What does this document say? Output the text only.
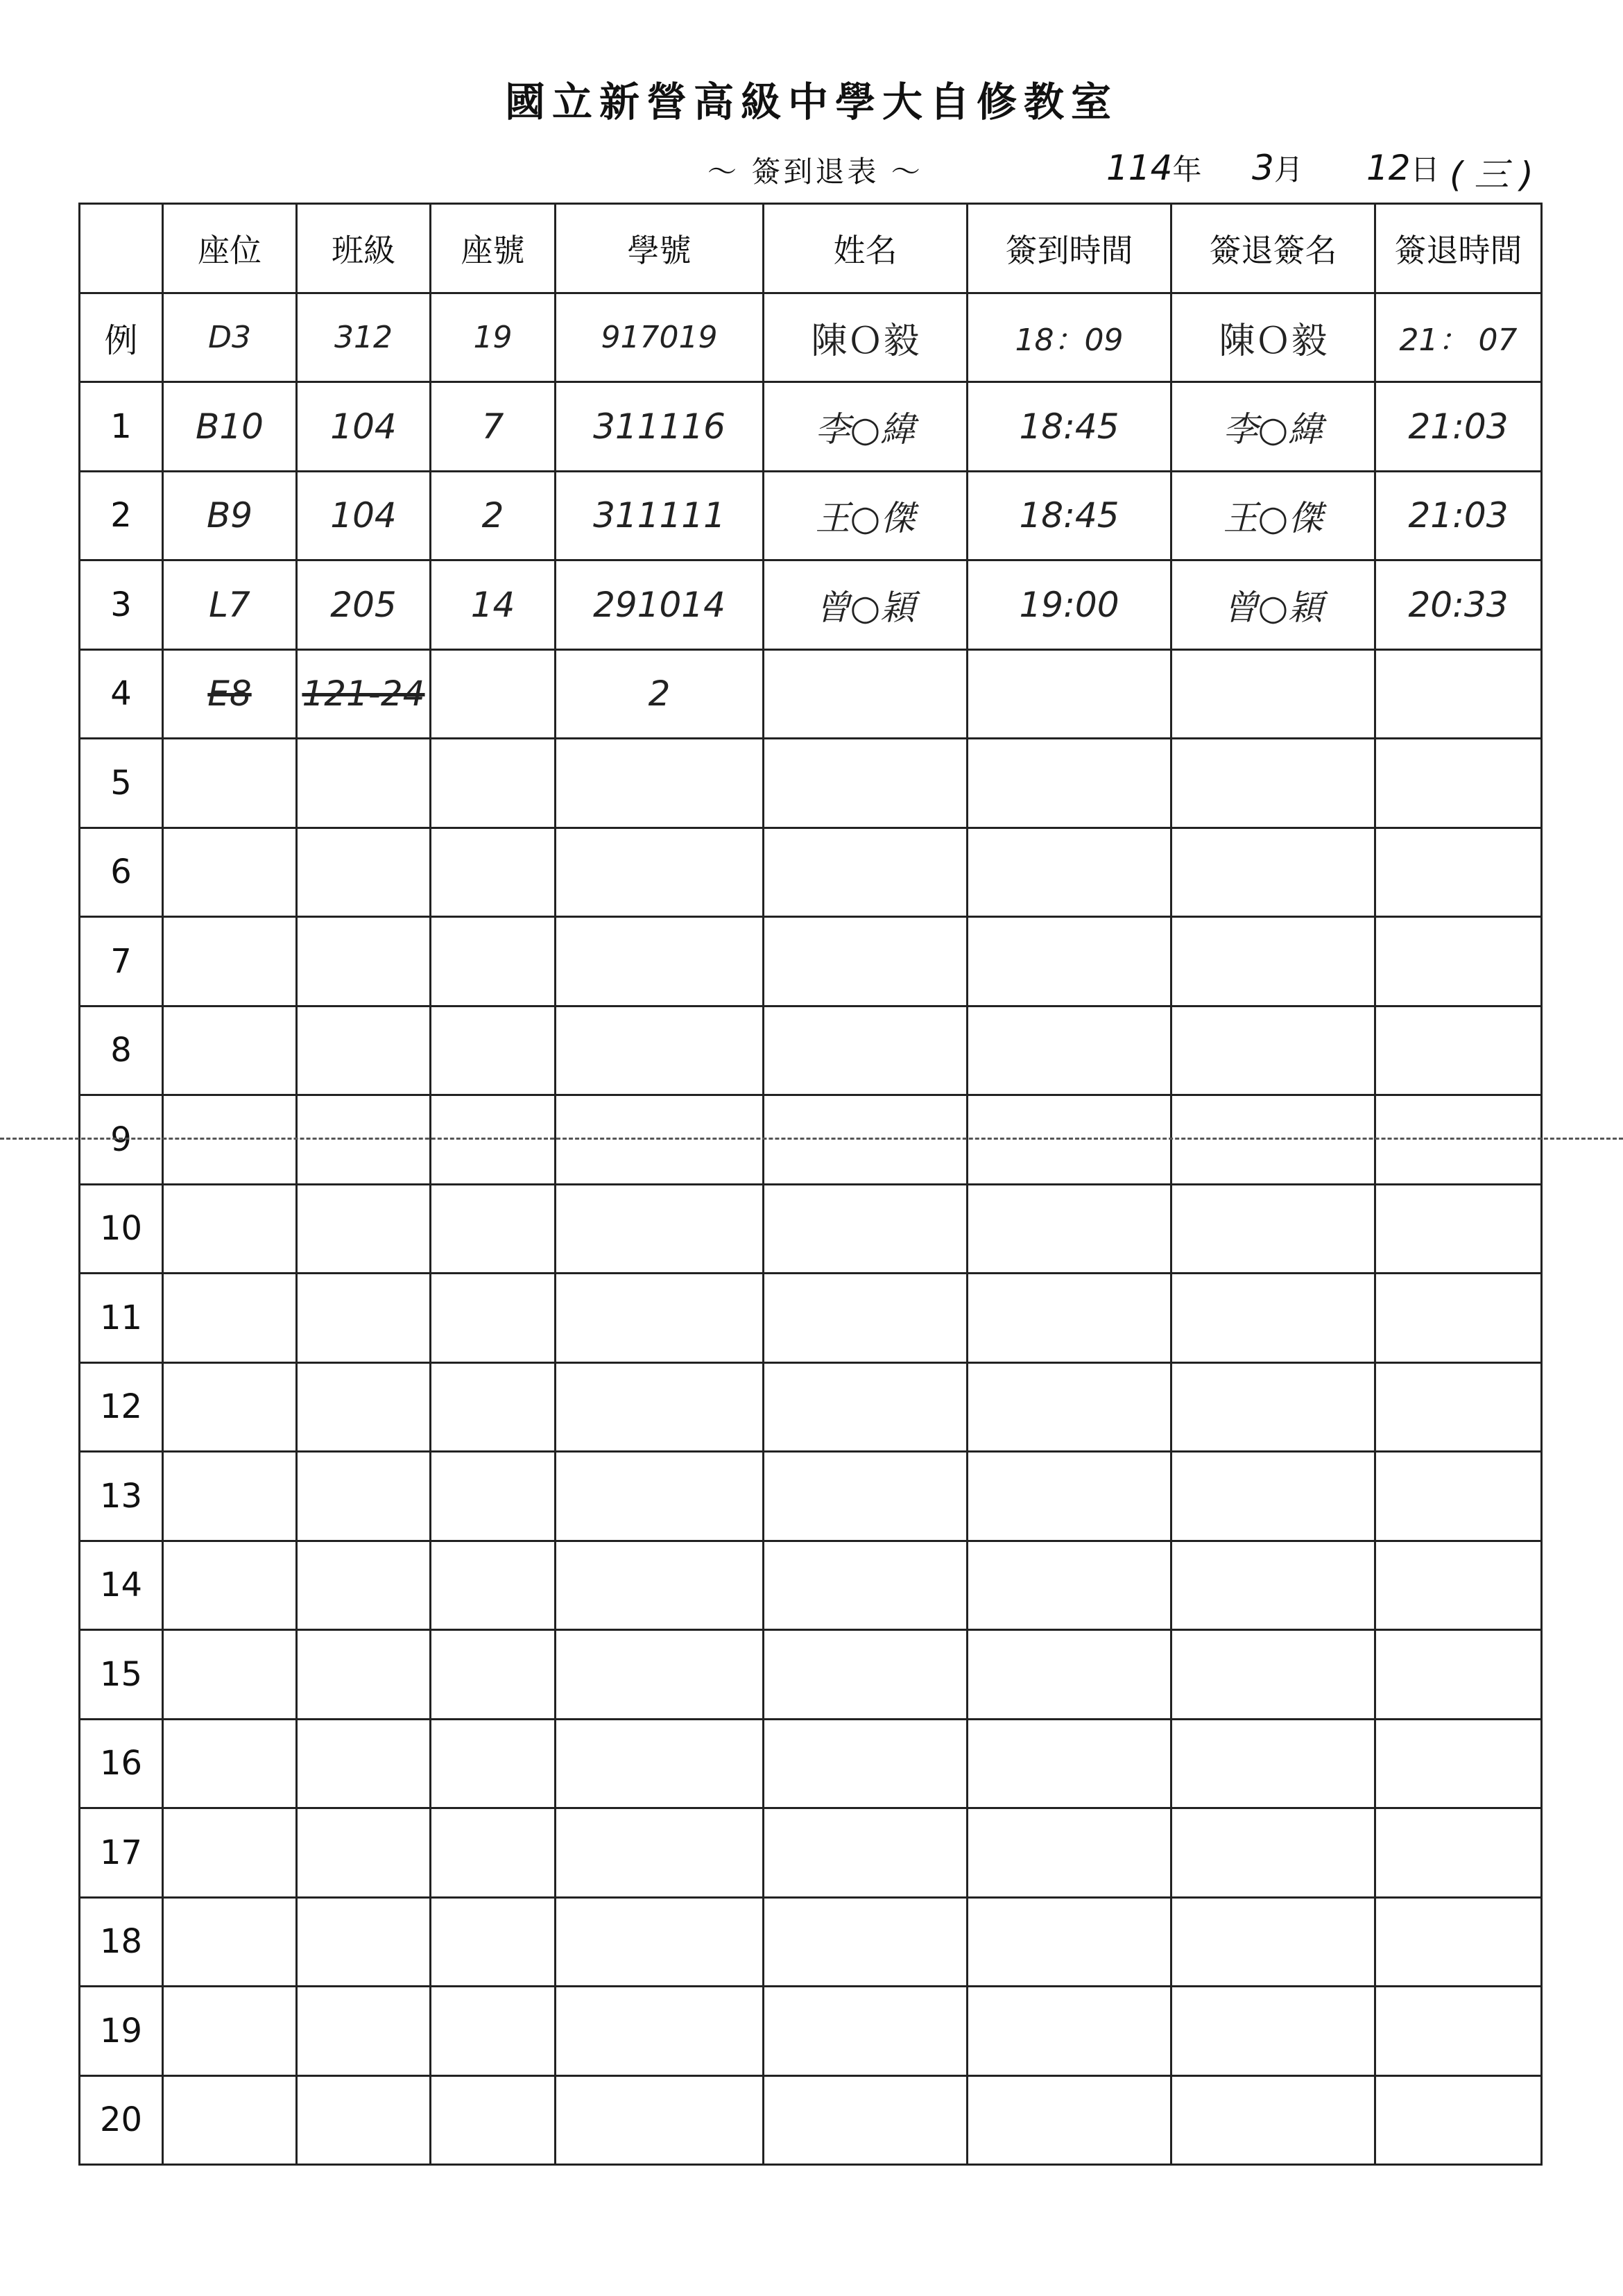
國立新營高級中學大自修教室
～ 簽到退表 ～	114年 3月 12日 ( 三 )
	座位	班級	座號	學號	姓名	簽到時間	簽退簽名	簽退時間
例	D3	312	19	917019	陳Ｏ毅	18：09	陳Ｏ毅	21： 07
1	B10	104	7	311116	李○緯	18:45	李○緯	21:03
2	B9	104	2	311111	王○傑	18:45	王○傑	21:03
3	L7	205	14	291014	曾○穎	19:00	曾○穎	20:33
4	E8	121-24		2				
5								
6								
7								
8								
9								
10								
11								
12								
13								
14								
15								
16								
17								
18								
19								
20								
